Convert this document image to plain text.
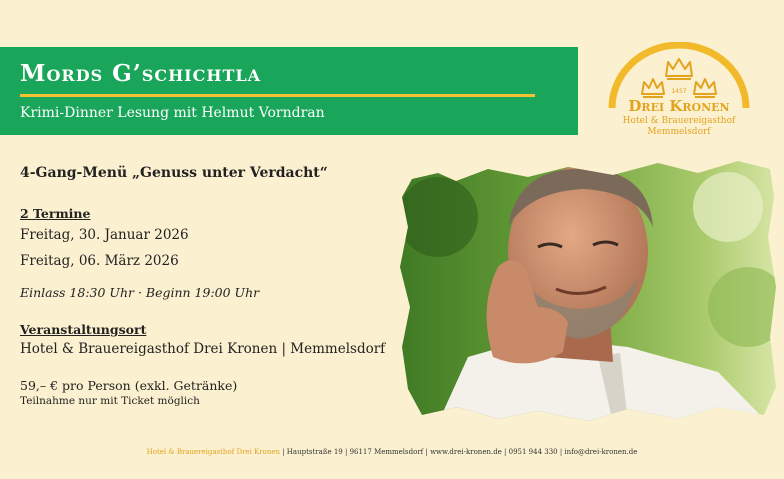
Mords G’schichtla

Krimi-Dinner Lesung mit Helmut Vorndran

1457
Drei Kronen
Hotel & Brauereigasthof
Memmelsdorf

4-Gang-Menü „Genuss unter Verdacht“

2 Termine

Freitag, 30. Januar 2026

Freitag, 06. März 2026

Einlass 18:30 Uhr · Beginn 19:00 Uhr

Veranstaltungsort

Hotel & Brauereigasthof Drei Kronen | Memmelsdorf

59,– € pro Person (exkl. Getränke)

Teilnahme nur mit Ticket möglich

Hotel & Brauereigasthof Drei Kronen | Hauptstraße 19 | 96117 Memmelsdorf | www.drei-kronen.de | 0951 944 330 | info@drei-kronen.de
